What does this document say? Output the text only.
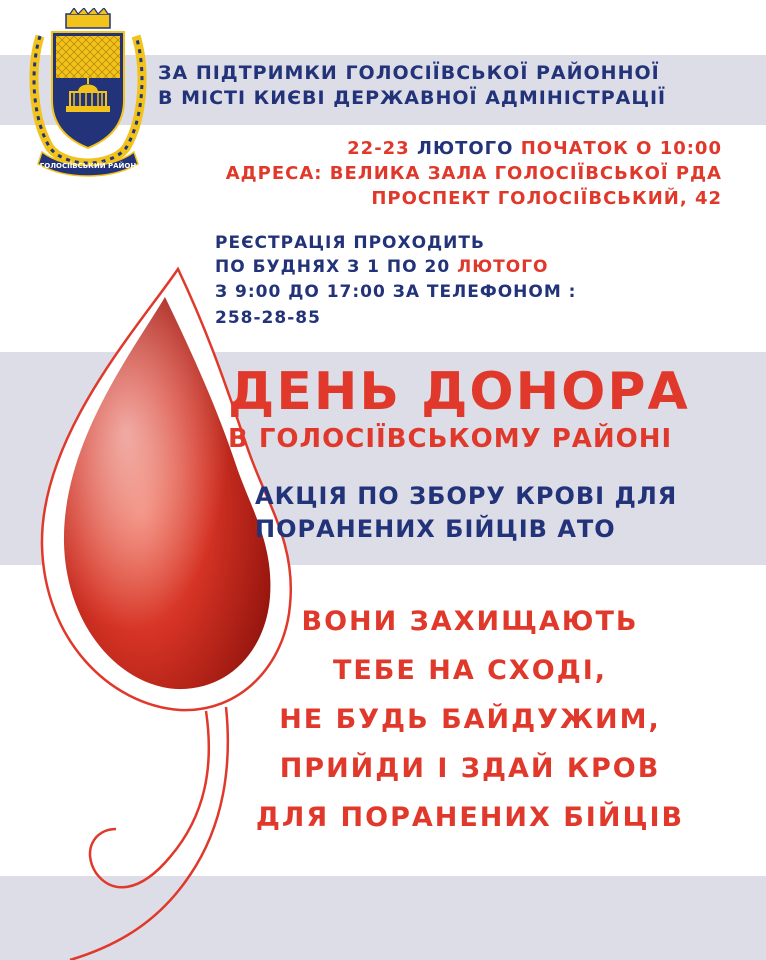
ГОЛОСІЇВСЬКИЙ РАЙОН
ЗА ПІДТРИМКИ ГОЛОСІЇВСЬКОЇ РАЙОННОЇ
В МІСТІ КИЄВІ ДЕРЖАВНОЇ АДМІНІСТРАЦІЇ
22-23 ЛЮТОГО ПОЧАТОК О 10:00
АДРЕСА: ВЕЛИКА ЗАЛА ГОЛОСІЇВСЬКОЇ РДА
ПРОСПЕКТ ГОЛОСІЇВСЬКИЙ, 42
РЕЄСТРАЦІЯ ПРОХОДИТЬ
ПО БУДНЯХ З 1 ПО 20 ЛЮТОГО
З 9:00 ДО 17:00 ЗА ТЕЛЕФОНОМ :
258-28-85
ДЕНЬ ДОНОРА
В ГОЛОСІЇВСЬКОМУ РАЙОНІ
АКЦІЯ ПО ЗБОРУ КРОВІ ДЛЯ
ПОРАНЕНИХ БІЙЦІВ АТО
ВОНИ ЗАХИЩАЮТЬ
ТЕБЕ НА СХОДІ,
НЕ БУДЬ БАЙДУЖИМ,
ПРИЙДИ І ЗДАЙ КРОВ
ДЛЯ ПОРАНЕНИХ БІЙЦІВ
